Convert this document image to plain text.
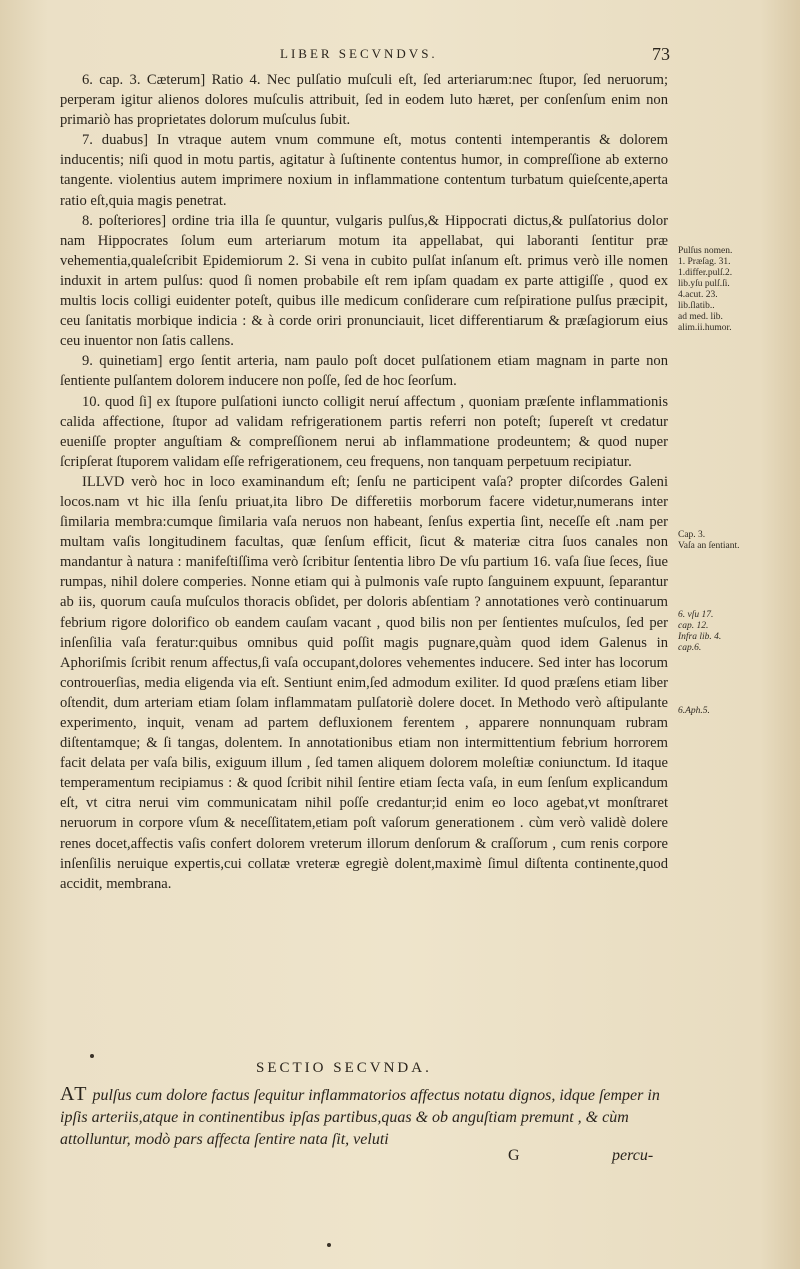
LIBER SECVNDVS.	73

6. cap. 3. Cæterum] Ratio 4. Nec pulſatio muſculi eſt, ſed arteriarum:nec ſtupor, ſed neruorum; perperam igitur alienos dolores muſculis attribuit, ſed in eodem luto hæret, per conſenſum enim non primariò has proprietates dolorum muſculus ſubit.

7. duabus] In vtraque autem vnum commune eſt, motus contenti intemperantis & dolorem inducentis; niſi quod in motu partis, agitatur à ſuſtinente contentus humor, in compreſſione ab externo tangente. violentius autem imprimere noxium in inflammatione contentum turbatum quieſcente,aperta ratio eſt,quia magis penetrat.

8. poſteriores] ordine tria illa ſe quuntur, vulgaris pulſus,& Hippocrati dictus,& pulſatorius dolor nam Hippocrates ſolum eum arteriarum motum ita appellabat, qui laboranti ſentitur præ vehementia,qualeſcribit Epidemiorum 2. Si vena in cubito pulſat inſanum eſt. primus verò ille nomen induxit in artem pulſus: quod ſi nomen probabile eſt rem ipſam quadam ex parte attigiſſe , quod ex multis locis colligi euidenter poteſt, quibus ille medicum conſiderare cum reſpiratione pulſus præcipit, ceu ſanitatis morbique indicia : & à corde oriri pronunciauit, licet differentiarum & præſagiorum eius ceu inuentor non ſatis callens.

9. quinetiam] ergo ſentit arteria, nam paulo poſt docet pulſationem etiam magnam in parte non ſentiente pulſantem dolorem inducere non poſſe, ſed de hoc ſeorſum.

10. quod ſi] ex ſtupore pulſationi iuncto colligit neruí affectum , quoniam præſente inflammationis calida affectione, ſtupor ad validam refrigerationem partis referri non poteſt; ſupereſt vt credatur eueniſſe propter anguſtiam & compreſſionem nerui ab inflammatione prodeuntem; & quod nuper ſcripſerat ſtuporem validam eſſe refrigerationem, ceu frequens, non tanquam perpetuum recipiatur.

ILLVD verò hoc in loco examinandum eſt; ſenſu ne participent vaſa? propter diſcordes Galeni locos.nam vt hic illa ſenſu priuat,ita libro De differetiis morborum facere videtur,numerans inter ſimilaria membra:cumque ſimilaria vaſa neruos non habeant, ſenſus expertia ſint, neceſſe eſt .nam per multam vaſis longitudinem facultas, quæ ſenſum efficit, ſicut & materiæ citra ſuos canales non mandantur à natura : manifeſtiſſima verò ſcribitur ſententia libro De vſu partium 16. vaſa ſiue ſeces, ſiue rumpas, nihil dolere comperies. Nonne etiam qui à pulmonis vaſe rupto ſanguinem expuunt, ſeparantur ab iis, quorum cauſa muſculos thoracis obſidet, per doloris abſentiam ? annotationes verò continuarum febrium rigore dolorifico ob eandem cauſam vacant , quod bilis non per ſentientes muſculos, ſed per inſenſilia vaſa feratur:quibus omnibus quid poſſit magis pugnare,quàm quod idem Galenus in Aphoriſmis ſcribit renum affectus,ſi vaſa occupant,dolores vehementes inducere. Sed inter has locorum controuerſias, media eligenda via eſt. Sentiunt enim,ſed admodum exiliter. Id quod præſens etiam liber oſtendit, dum arteriam etiam ſolam inflammatam pulſatoriè dolere docet. In Methodo verò aſtipulante experimento, inquit, venam ad partem defluxionem ferentem , apparere nonnunquam rubram diſtentamque; & ſi tangas, dolentem. In annotationibus etiam non intermittentium febrium horrorem facit delata per vaſa bilis, exiguum illum , ſed tamen aliquem dolorem moleſtiæ coniunctum. Id itaque temperamentum recipiamus : & quod ſcribit nihil ſentire etiam ſecta vaſa, in eum ſenſum explicandum eſt, vt citra nerui vim communicatam nihil poſſe credantur;id enim eo loco agebat,vt monſtraret neruorum in corpore vſum & neceſſitatem,etiam poſt vaſorum generationem . cùm verò validè dolere renes docet,affectis vaſis confert dolorem vreterum illorum denſorum & craſſorum , cum renis corpore inſenſilis neruique expertis,cui collatæ vreteræ egregiè dolent,maximè ſimul diſtenta continente,quod accidit, membrana.

Pulſus nomen.
1. Præſag. 31.
1.differ.pulſ.2.
lib.yſu pulſ.ſi.
4.acut. 23.
lib.ſlatib..
ad med. lib.
alim.ii.humor.
Cap. 3.
Vaſa an ſentiant.
6. vſu 17.
cap. 12.
Infra lib. 4.
cap.6.
6.Aph.5.
SECTIO SECVNDA.
AT pulſus cum dolore factus ſequitur inflammatorios affectus notatu dignos, idque ſemper in ipſis arteriis,atque in continentibus ipſas partibus,quas & ob anguſtiam premunt , & cùm attolluntur, modò pars affecta ſentire nata ſit, veluti
G	percu-
